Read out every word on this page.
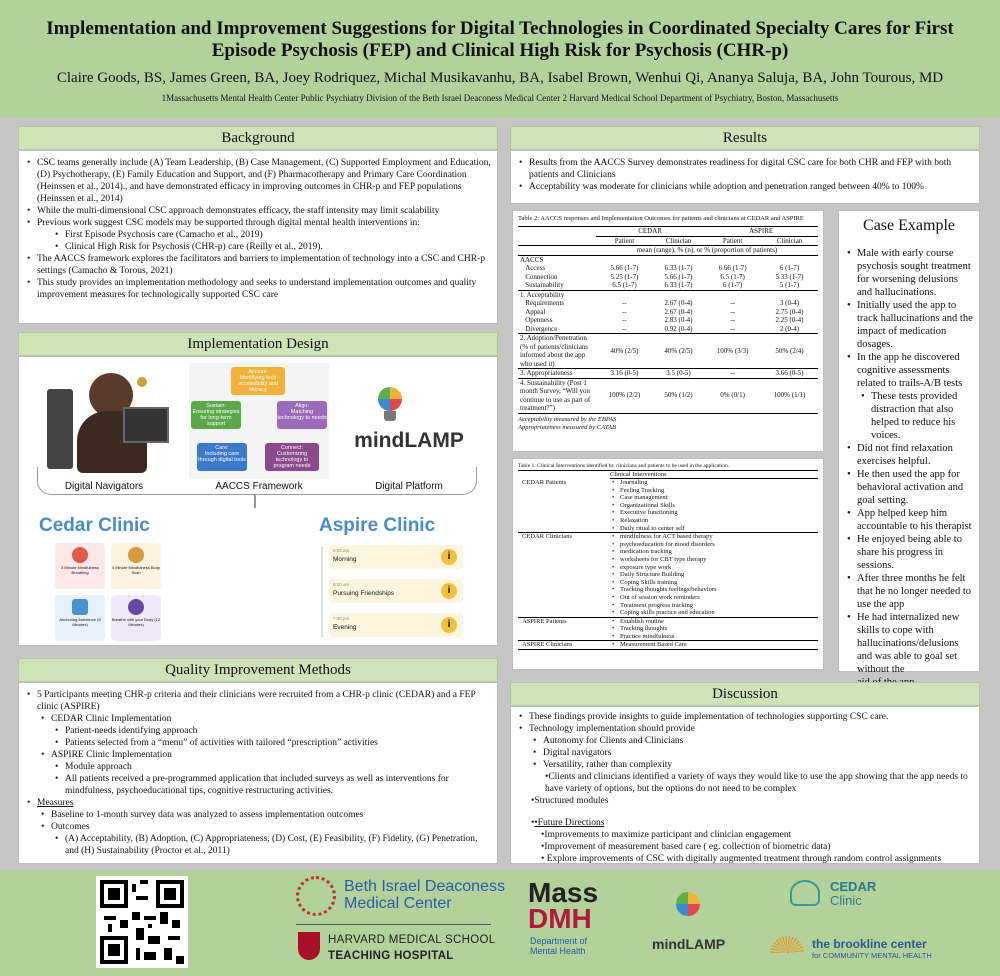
Implementation and Improvement Suggestions for Digital Technologies in Coordinated Specialty Cares for First Episode Psychosis (FEP) and Clinical High Risk for Psychosis (CHR-p)
Claire Goods, BS, James Green, BA, Joey Rodriquez, Michal Musikavanhu, BA, Isabel Brown, Wenhui Qi, Ananya Saluja, BA, John Tourous, MD
1Massachusetts Mental Health Center Public Psychiatry Division of the Beth Israel Deaconess Medical Center 2 Harvard Medical School Department of Psychiatry, Boston, Massachusetts
Background
• CSC teams generally include (A) Team Leadership, (B) Case Management, (C) Supported Employment and Education, (D) Psychotherapy, (E) Family Education and Support, and (F) Pharmacotherapy and Primary Care Coordination (Heinssen et al., 2014)., and have demonstrated efficacy in improving outcomes in CHR-p and FEP populations (Heinssen et al., 2014)
• While the multi-dimensional CSC approach demonstrates efficacy, the staff intensity may limit scalability
• Previous work suggest CSC models may be supported through digital mental health interventions in:
• First Episode Psychosis care (Camacho et al., 2019)
• Clinical High Risk for Psychosis (CHR-p) care (Reilly et al., 2019).
• The AACCS framework explores the facilitators and barriers to implementation of technology into a CSC and CHR-p settings (Camacho & Torous, 2021)
• This study provides an implementation methodology and seeks to understand implementation outcomes and quality improvement measures for technologically supported CSC care
Implementation Design
Digital Navigators
Access:
Identifying tech accessibility and literacy
Align:
Matching technology to needs
Connect:
Customizing technology to program needs
Care:
Including care through digital tools
Sustain:
Ensuring strategies for long-term support
AACCS Framework
mindLAMP
Digital Platform
Cedar Clinic
3 Minute Mindfulness Breathing
4 Minute Mindfulness Body Scan
Anchoring Ambience (5 Minutes)
Breathe with your Body (12 Minutes)
Aspire Clinic
8:00 am
Morning	i
9:00 am
Pursuing Friendships	i
7:00 pm
Evening	i
Quality Improvement Methods
• 5 Participants meeting CHR-p criteria and their clinicians were recruited from a CHR-p clinic (CEDAR) and a FEP clinic (ASPIRE)
• CEDAR Clinic Implementation
• Patient-needs identifying approach
• Patients selected from a “menu” of activities with tailored “prescription” activities
• ASPIRE Clinic Implementation
• Module approach
• All patients received a pre-programmed application that included surveys as well as interventions for mindfulness, psychoeducational tips, cognitive restructuring activities.
• Measures
• Baseline to 1-month survey data was analyzed to assess implementation outcomes
• Outcomes
• (A) Acceptability, (B) Adoption, (C) Appropriateness, (D) Cost, (E) Feasibility, (F) Fidelity, (G) Penetration, and (H) Sustainability (Proctor et al., 2011)
Results
• Results from the AACCS Survey demonstrates readiness for digital CSC care for both CHR and FEP with both patients and Clinicians
• Acceptability was moderate for clinicians while adoption and penetration ranged between 40% to 100%
Table 2: AACCS responses and Implementation Outcomes for patients and clinicians at CEDAR and ASPIRE
	CEDAR		ASPIRE	
	Patient	Clinician	Patient	Clinician
	mean (range), % (n), or % (proportion of patients)			
AACCS				
Access	5.66 (1-7)	6.33 (1-7)	6.66 (1-7)	6 (1-7)
Connection	5.25 (1-7)	5.66 (1-7)	6.5 (1-7)	5.33 (1-7)
Sustainability	6.5 (1-7)	6.33 (1-7)	6 (1-7)	5 (1-7)
1. Acceptability				
Requirements	--	2.67 (0-4)	--	3 (0-4)
Appeal	--	2.67 (0-4)	--	2.75 (0-4)
Openness	--	2.83 (0-4)	--	2.25 (0-4)
Divergence	--	0.92 (0-4)	--	2 (0-4)
2. Adoption/Penetration (% of patients/clinicians informed about the app who used it)	40% (2/5)	40% (2/5)	100% (3/3)	50% (2/4)
3. Appropriateness	3.16 (0-5)	3.5 (0-5)	--	3.66 (0-5)
4. Sustainability (Post 1 month Survey, “Will you continue to use as part of treatment?”)	100% (2/2)	50% (1/2)	0% (0/1)	100% (1/1)
Acceptability measured by the EBPAS
Appropriateness measured by CATAB
Table 1: Clinical Interventions identified by clinicians and patients to be used in the application.
Clinical Interventions
CEDAR Patients	• Journaling
• Feeling Tracking
• Case management
• Organizational Skills
• Executive functioning
• Relaxation
• Daily ritual to center self
CEDAR Clinicians	• mindfulness for ACT based therapy
• psychoeducation for mood disorders
• medication tracking
• worksheets for CBT type therapy
• exposure type work
• Daily Structure Building
• Coping Skills training
• Tracking thoughts feelings/behaviors
• Out of session work reminders
• Treatment progress tracking
• Coping skills practice and education
ASPIRE Patients	• Establish routine
• Tracking thoughts
• Practice mindfulness
ASPIRE Clinicians	• Measurement Based Care
Case Example
• Male with early course psychosis sought treatment for worsening delusions and hallucinations.
• Initially used the app to track hallucinations and the impact of medication dosages.
• In the app he discovered cognitive assessments related to trails-A/B tests
• These tests provided distraction that also helped to reduce his voices.
• Did not find relaxation exercises helpful.
• He then used the app for behavioral activation and goal setting.
• App helped keep him accountable to his therapist
• He enjoyed being able to share his progress in sessions.
• After three months he felt that he no longer needed to use the app
• He had internalized new skills to cope with hallucinations/delusions and was able to goal set without the
Discussion
• These findings provide insights to guide implementation of technologies supporting CSC care.
• Technology implementation should provide
• Autonomy for Clients and Clinicians
• Digital navigators
• Versatility, rather than complexity
•Clients and clinicians identified a variety of ways they would like to use the app showing that the app needs to have variety of options, but the options do not need to be complex
•Structured modules
••Future Directions
•Improvements to maximize participant and clinician engagement
•Improvement of measurement based care ( eg. collection of biometric data)
• Explore improvements of CSC with digitally augmented treatment through random control assignments
Beth Israel Deaconess
Medical Center
HARVARD MEDICAL SCHOOL
TEACHING HOSPITAL
Mass
DMH
Department of
Mental Health	mindLAMP
CEDAR
Clinic
the brookline center
for COMMUNITY MENTAL HEALTH
